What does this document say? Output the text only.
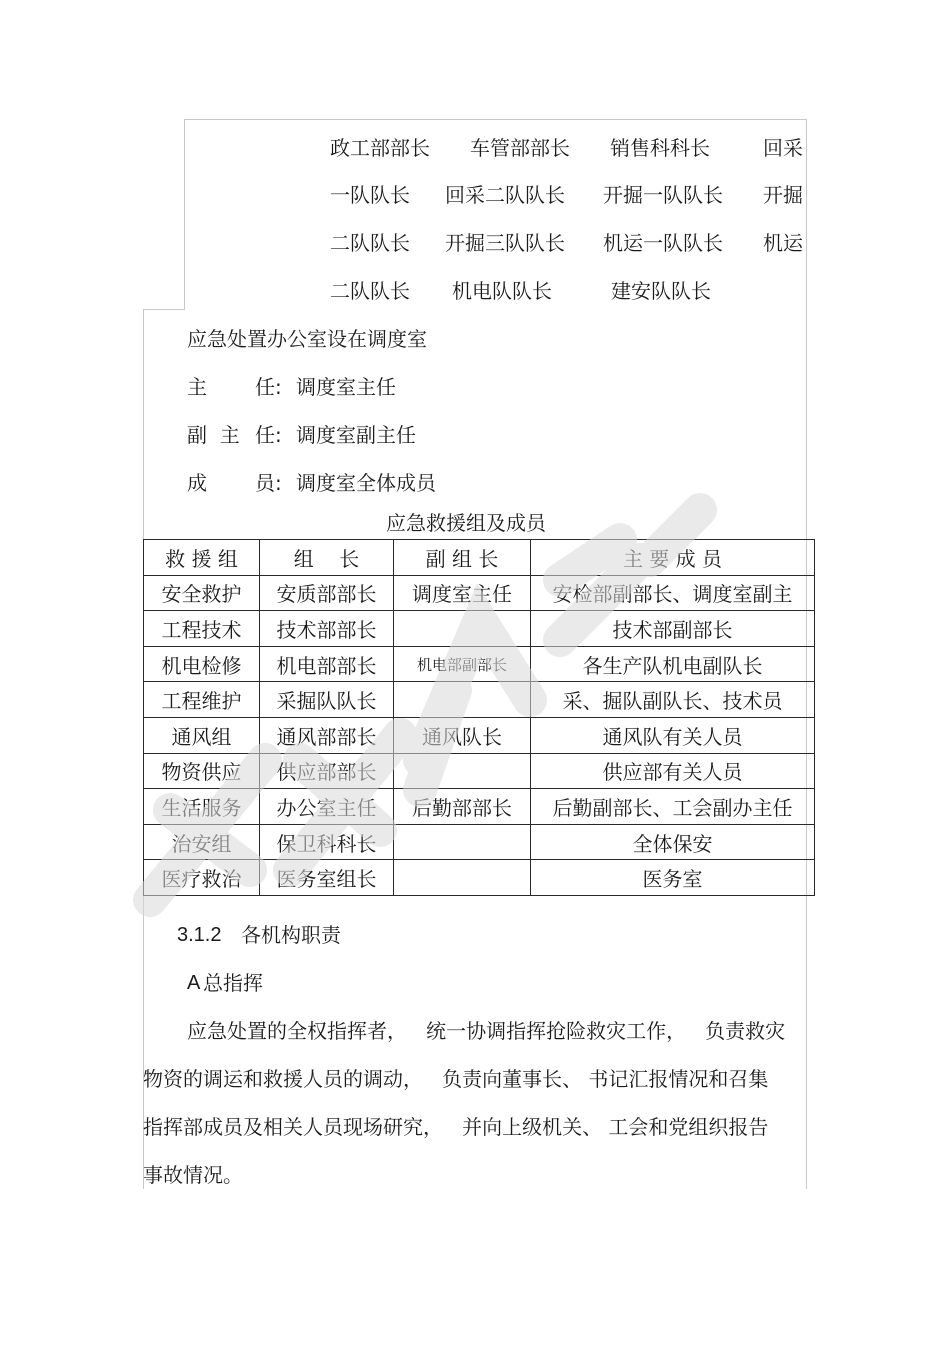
政工部部长 车管部部长 销售科科长	回采
一队队长 回采二队队长 开掘一队队长 开掘
二队队长 开掘三队队长 机运一队队长 机运
二队队长 机电队队长	建安队队长
应急处置办公室设在调度室
主 任: 调度室主任
副  主 任: 调度室副主任
成 员: 调度室全体成员
应急救援组及成员
救 援 组	组    长	副 组 长	主 要 成 员
安全救护	安质部部长	调度室主任	安检部副部长、调度室副主
工程技术	技术部部长		技术部副部长
机电检修	机电部部长	机电部副部长	各生产队机电副队长
工程维护	采掘队队长		采、掘队副队长、技术员
通风组	通风部部长	通风队长	通风队有关人员
物资供应	供应部部长		供应部有关人员
生活服务	办公室主任	后勤部部长	后勤副部长、工会副办主任
治安组	保卫科科长		全体保安
医疗救治	医务室组长		医务室
3.1.2 各机构职责
A 总指挥
应急处置的全权指挥者，   统一协调指挥抢险救灾工作，   负责救灾
物资的调运和救援人员的调动，   负责向董事长、 书记汇报情况和召集
指挥部成员及相关人员现场研究，   并向上级机关、 工会和党组织报告
事故情况。
